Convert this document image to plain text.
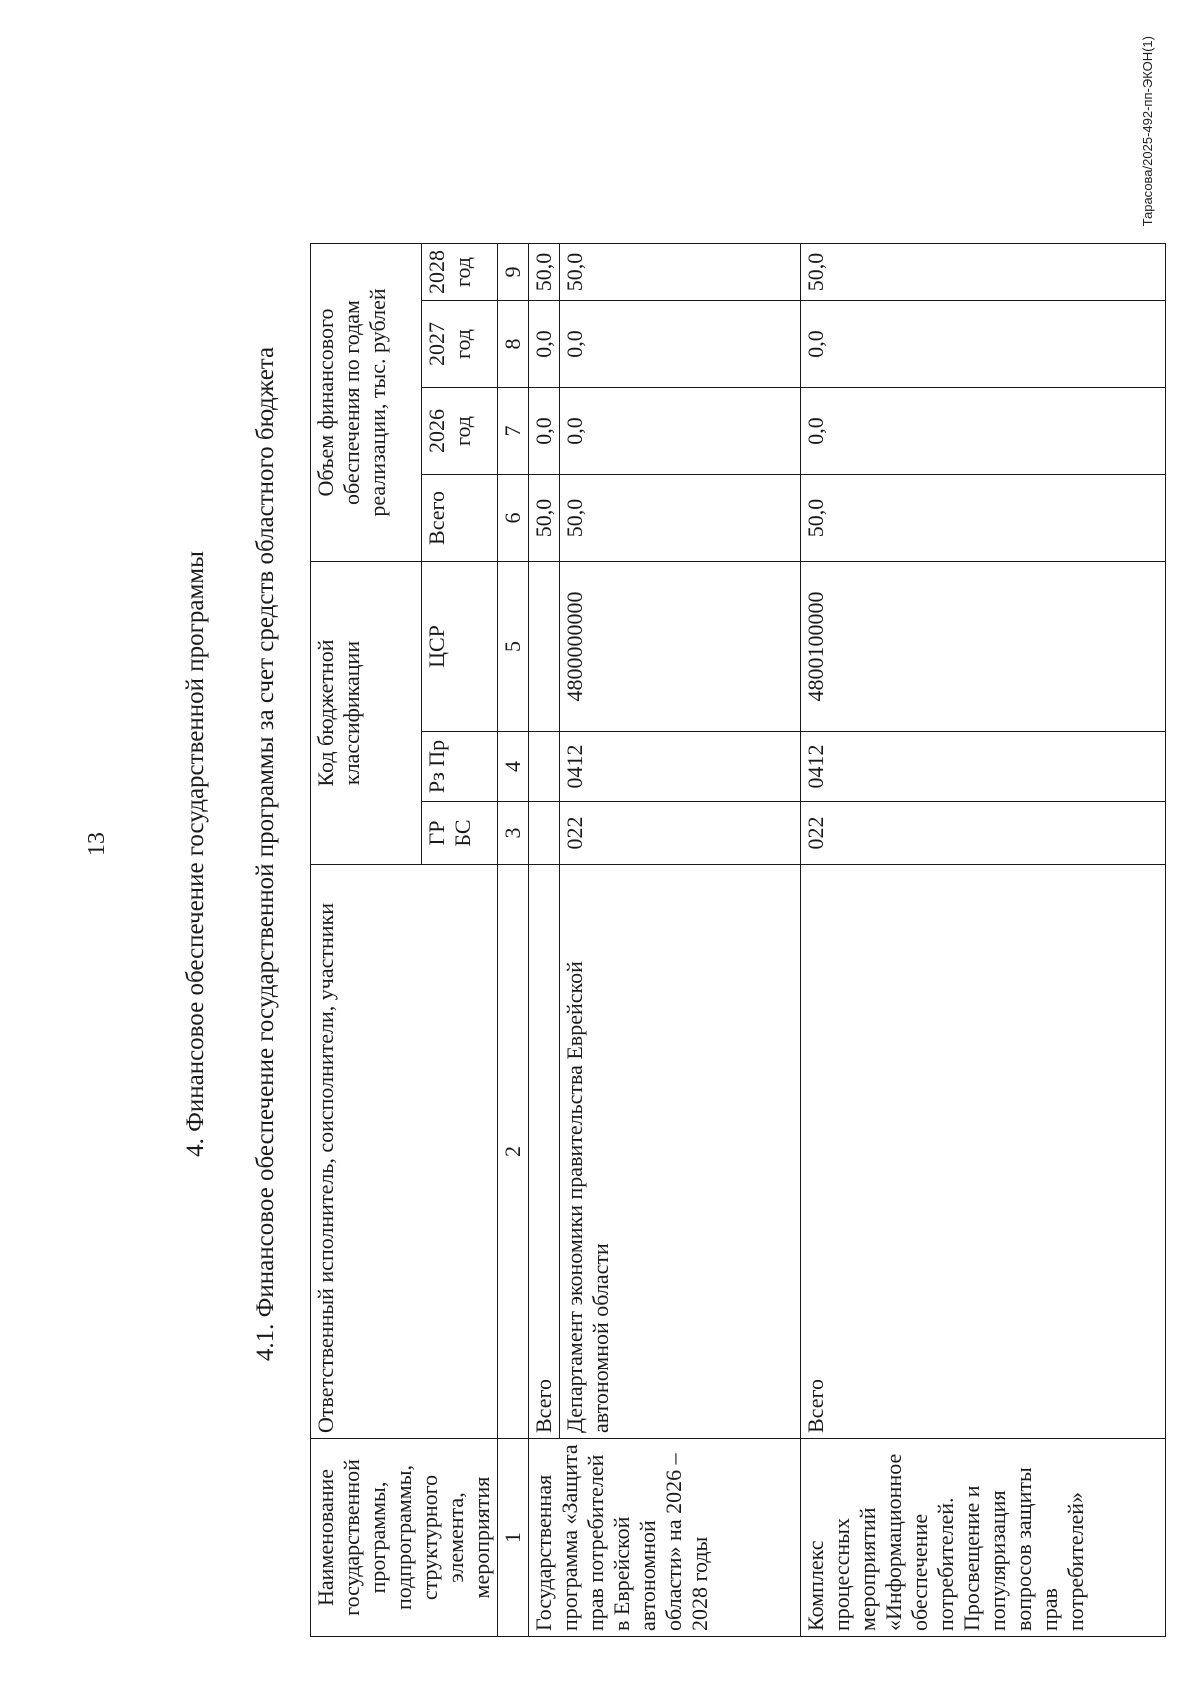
13	4. Финансовое обеспечение государственной программы 4.1. Финансовое обеспечение государственной программы за счет средств областного бюджета
Наименование государственной программы, подпрограммы, структурного элемента, мероприятия	Ответственный исполнитель, соисполнители, участники	Код бюджетной классификации			Объем финансового обеспечения по годам реализации, тыс. рублей			
		ГР БС	Рз Пр	ЦСР	Всего	2026 год	2027 год	2028 год
1	2	3	4	5	6	7	8	9
Государственная программа «Защита прав потребителей в Еврейской автономной области» на 2026 – 2028 годы	Всего				50,0	0,0	0,0	50,0
	Департамент экономики правительства Еврейской автономной области	022	0412	4800000000	50,0	0,0	0,0	50,0
Комплекс процессных мероприятий «Информационное обеспечение потребителей. Просвещение и популяризация вопросов защиты прав потребителей»	Всего	022	0412	4800100000	50,0	0,0	0,0	50,0
Тарасова/2025-492-пп-ЭКОН(1)
